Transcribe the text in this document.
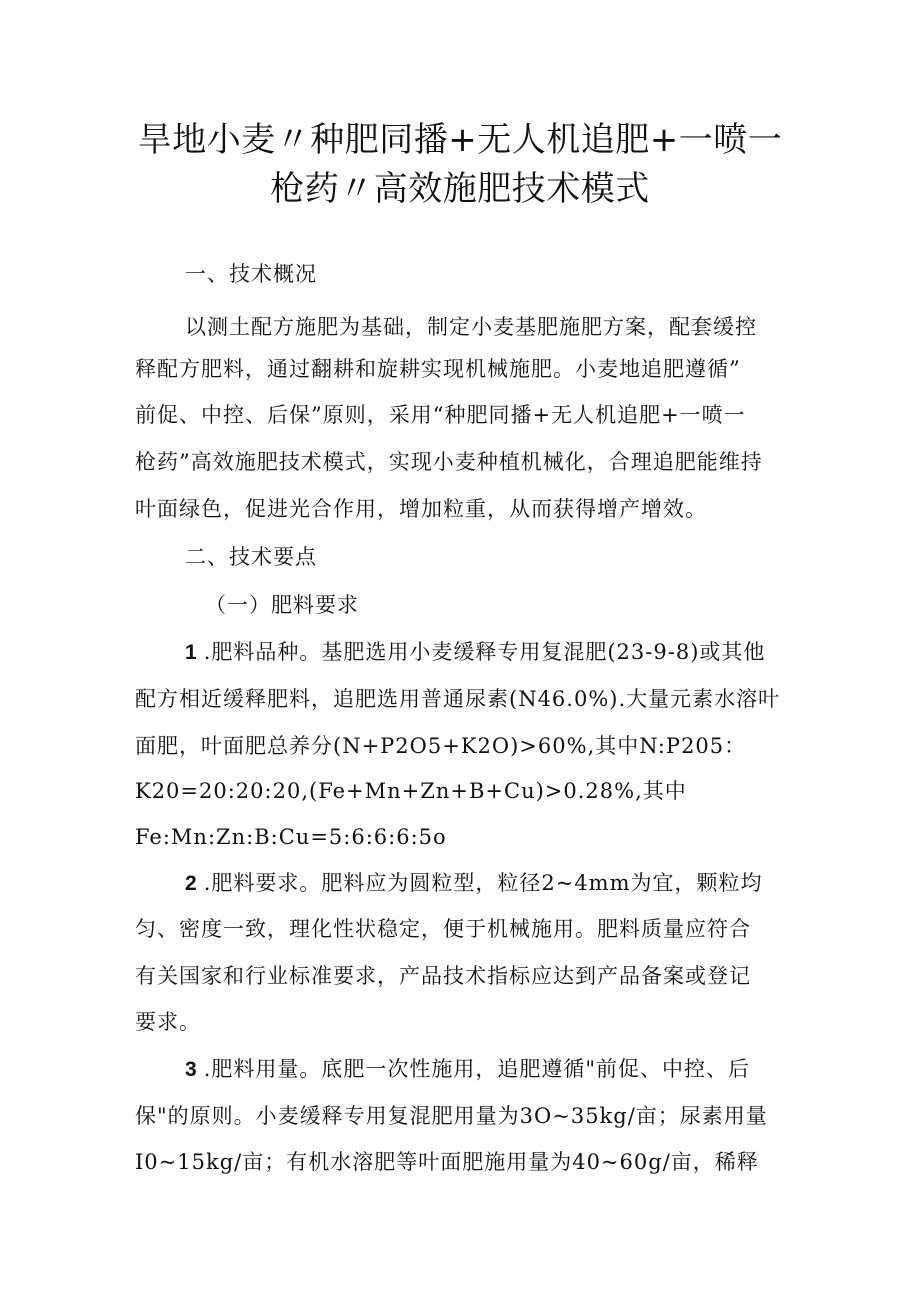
旱地小麦〃种肥同播+无人机追肥+一喷一
枪药〃高效施肥技术模式
一、技术概况
以测土配方施肥为基础，制定小麦基肥施肥方案，配套缓控
释配方肥料，通过翻耕和旋耕实现机械施肥。小麦地追肥遵循”
前促、中控、后保”原则，采用“种肥同播+无人机追肥+一喷一
枪药”高效施肥技术模式，实现小麦种植机械化，合理追肥能维持
叶面绿色，促进光合作用，增加粒重，从而获得增产增效。
二、技术要点
（一）肥料要求
1 .肥料品种。基肥选用小麦缓释专用复混肥(23-9-8)或其他
配方相近缓释肥料，追肥选用普通尿素(N46.0%).大量元素水溶叶
面肥，叶面肥总养分(N+P2O5+K2O)>60%,其中N:P205：
K20=20:20:20,(Fe+Mn+Zn+B+Cu)>0.28%,其中
Fe:Mn:Zn:B:Cu=5:6:6:6:5o
2 .肥料要求。肥料应为圆粒型，粒径2~4mm为宜，颗粒均
匀、密度一致，理化性状稳定，便于机械施用。肥料质量应符合
有关国家和行业标准要求，产品技术指标应达到产品备案或登记
要求。
3 .肥料用量。底肥一次性施用，追肥遵循"前促、中控、后
保"的原则。小麦缓释专用复混肥用量为3O~35kg/亩；尿素用量
I0~15kg/亩；有机水溶肥等叶面肥施用量为40~60g∕亩，稀释
